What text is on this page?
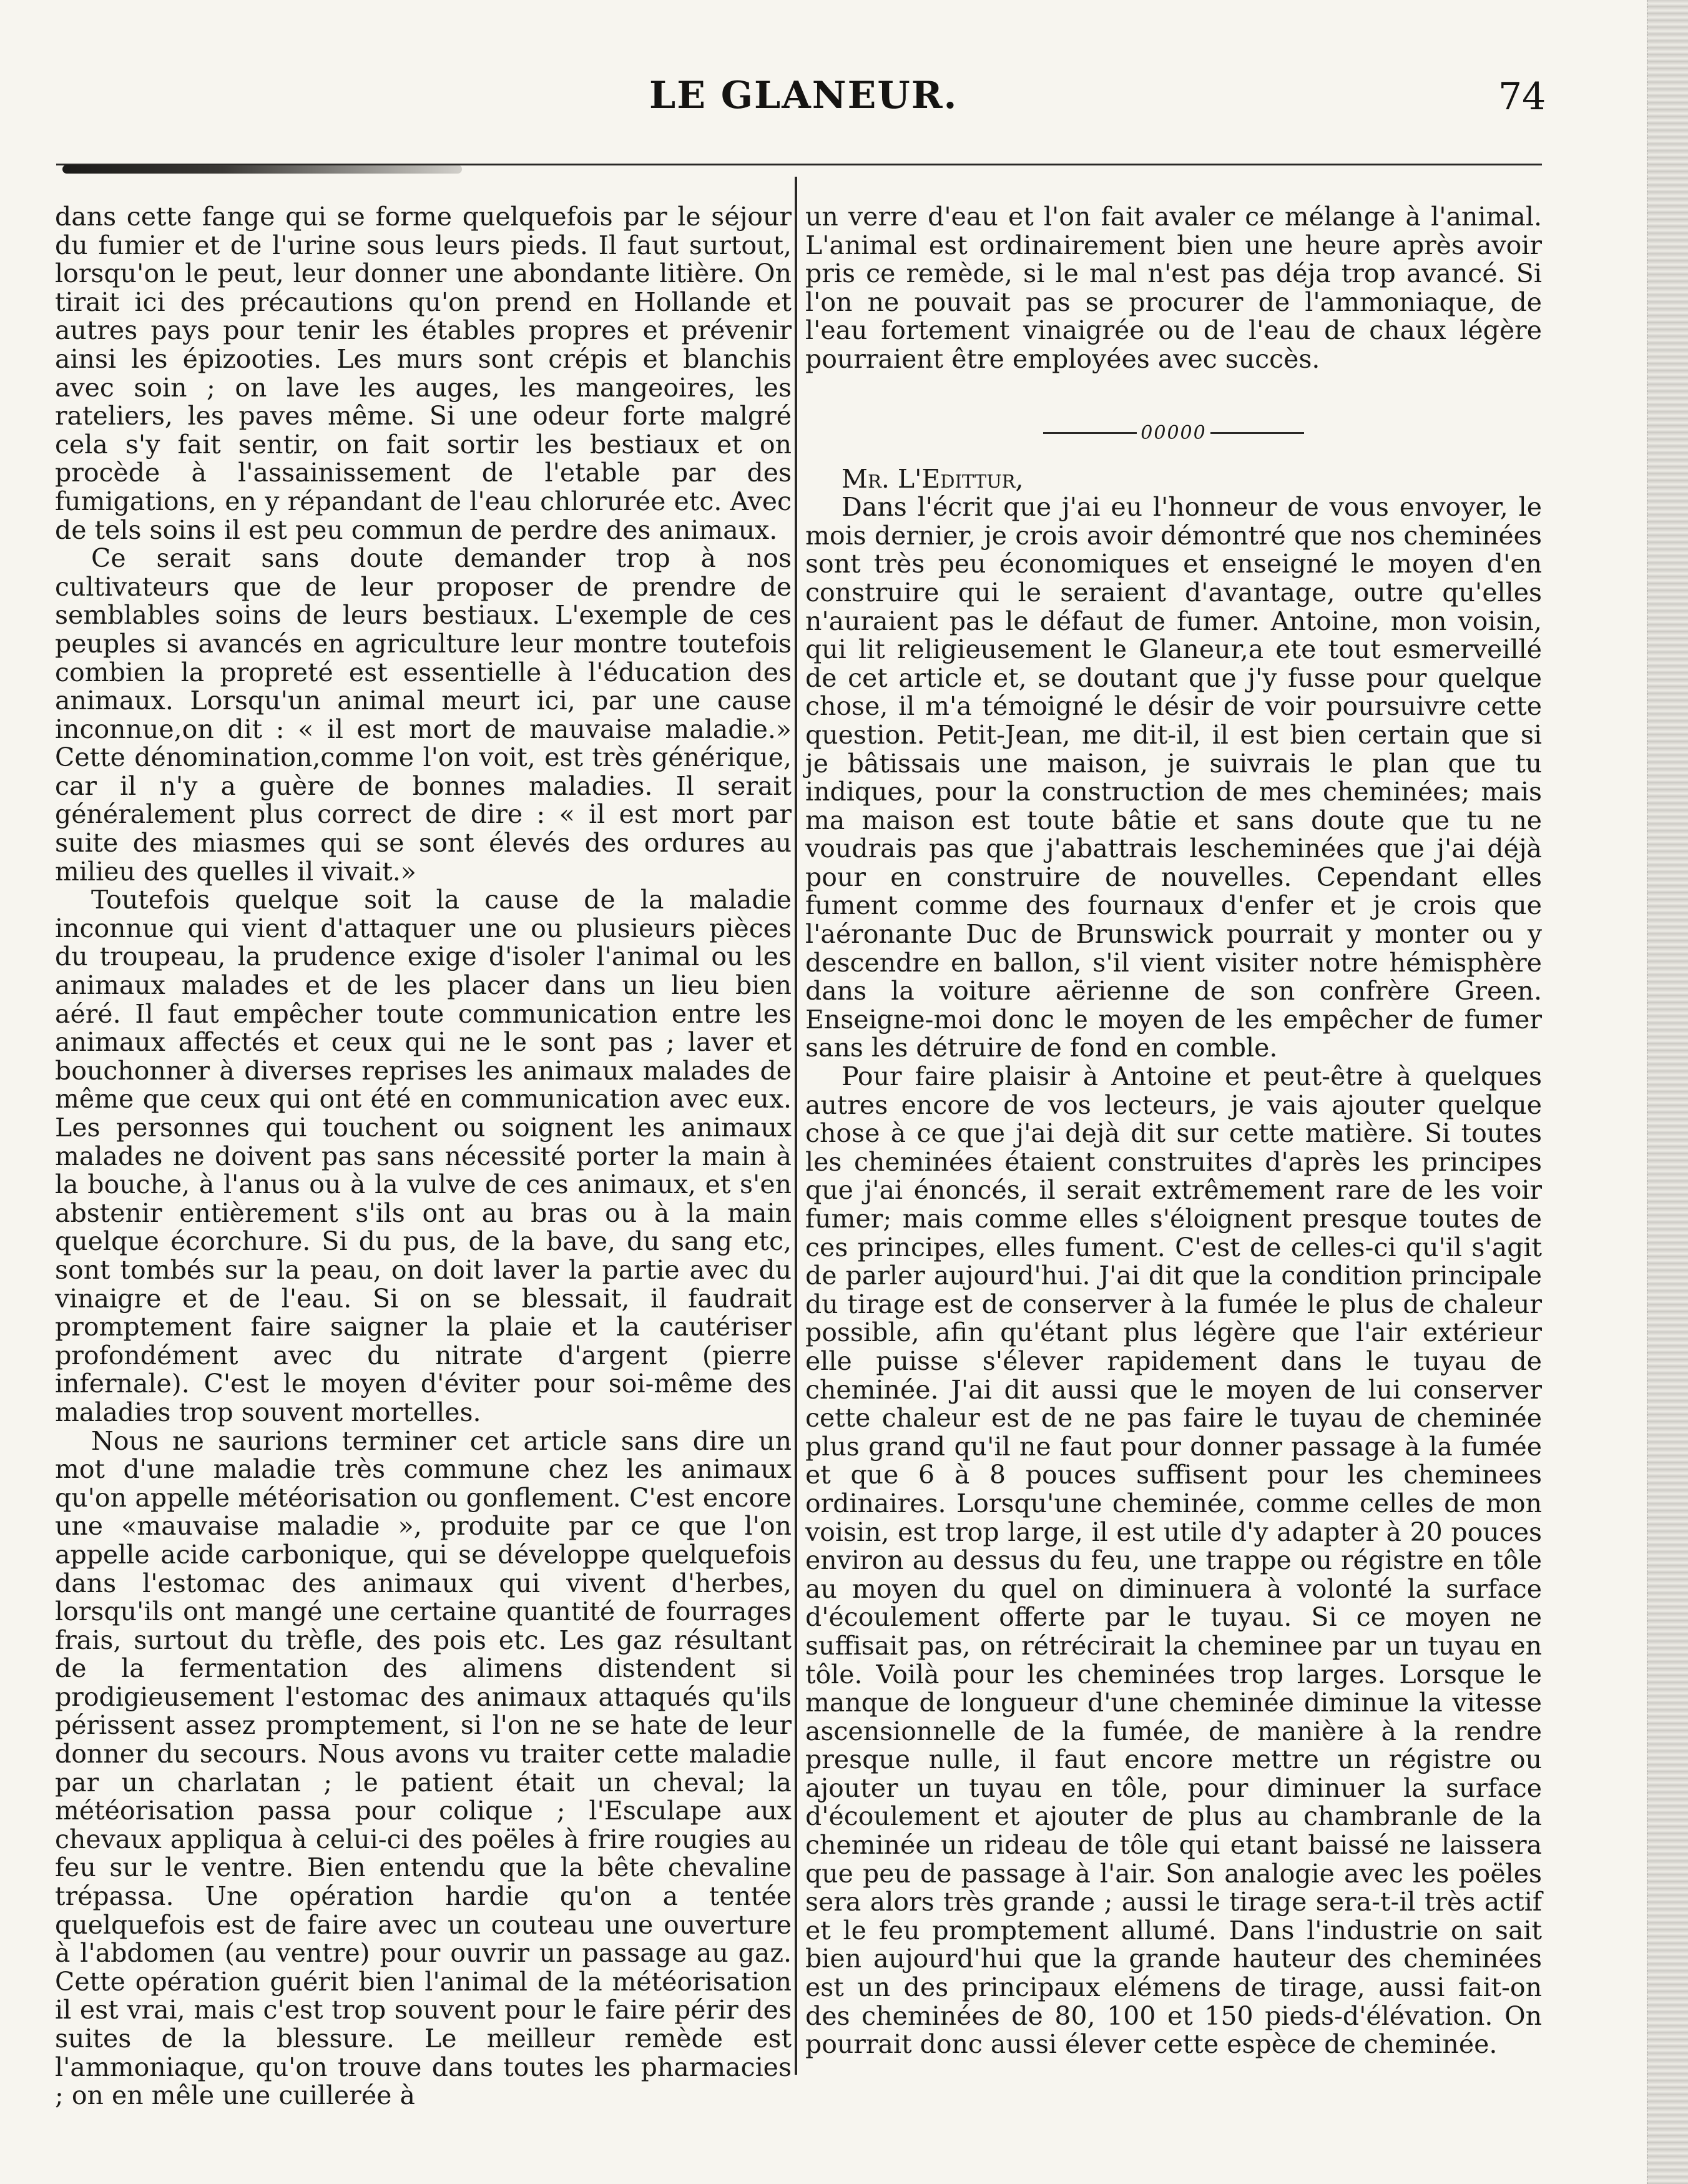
LE GLANEUR.	74

dans cette fange qui se forme quelquefois par le séjour du fumier et de l'urine sous leurs pieds. Il faut surtout, lorsqu'on le peut, leur donner une abondante litière. On tirait ici des précautions qu'on prend en Hollande et autres pays pour tenir les étables propres et prévenir ainsi les épizooties. Les murs sont crépis et blanchis avec soin ; on lave les auges, les mangeoires, les rateliers, les paves même. Si une odeur forte malgré cela s'y fait sentir, on fait sortir les bestiaux et on procède à l'assainissement de l'etable par des fumigations, en y répandant de l'eau chlorurée etc. Avec de tels soins il est peu commun de perdre des animaux.

Ce serait sans doute demander trop à nos cultivateurs que de leur proposer de prendre de semblables soins de leurs bestiaux. L'exemple de ces peuples si avancés en agriculture leur montre toutefois combien la propreté est essentielle à l'éducation des animaux. Lorsqu'un animal meurt ici, par une cause inconnue,on dit : « il est mort de mauvaise maladie.» Cette dénomination,comme l'on voit, est très générique, car il n'y a guère de bonnes maladies. Il serait généralement plus correct de dire : « il est mort par suite des miasmes qui se sont élevés des ordures au milieu des quelles il vivait.»

Toutefois quelque soit la cause de la maladie inconnue qui vient d'attaquer une ou plusieurs pièces du troupeau, la prudence exige d'isoler l'animal ou les animaux malades et de les placer dans un lieu bien aéré. Il faut empêcher toute communication entre les animaux affectés et ceux qui ne le sont pas ; laver et bouchonner à diverses reprises les animaux malades de même que ceux qui ont été en communication avec eux. Les personnes qui touchent ou soignent les animaux malades ne doivent pas sans nécessité porter la main à la bouche, à l'anus ou à la vulve de ces animaux, et s'en abstenir entièrement s'ils ont au bras ou à la main quelque écorchure. Si du pus, de la bave, du sang etc, sont tombés sur la peau, on doit laver la partie avec du vinaigre et de l'eau. Si on se blessait, il faudrait promptement faire saigner la plaie et la cautériser profondément avec du nitrate d'argent (pierre infernale). C'est le moyen d'éviter pour soi-même des maladies trop souvent mortelles.

Nous ne saurions terminer cet article sans dire un mot d'une maladie très commune chez les animaux qu'on appelle météorisation ou gonflement. C'est encore une «mauvaise maladie », produite par ce que l'on appelle acide carbonique, qui se développe quelquefois dans l'estomac des animaux qui vivent d'herbes, lorsqu'ils ont mangé une certaine quantité de fourrages frais, surtout du trèfle, des pois etc. Les gaz résultant de la fermentation des alimens distendent si prodigieusement l'estomac des animaux attaqués qu'ils périssent assez promptement, si l'on ne se hate de leur donner du secours. Nous avons vu traiter cette maladie par un charlatan ; le patient était un cheval; la météorisation passa pour colique ; l'Esculape aux chevaux appliqua à celui-ci des poëles à frire rougies au feu sur le ventre. Bien entendu que la bête chevaline trépassa. Une opération hardie qu'on a tentée quelquefois est de faire avec un couteau une ouverture à l'abdomen (au ventre) pour ouvrir un passage au gaz. Cette opération guérit bien l'animal de la météorisation il est vrai, mais c'est trop souvent pour le faire périr des suites de la blessure. Le meilleur remède est l'ammoniaque, qu'on trouve dans toutes les pharmacies ; on en mêle une cuillerée à

un verre d'eau et l'on fait avaler ce mélange à l'animal. L'animal est ordinairement bien une heure après avoir pris ce remède, si le mal n'est pas déja trop avancé. Si l'on ne pouvait pas se procurer de l'ammoniaque, de l'eau fortement vinaigrée ou de l'eau de chaux légère pourraient être employées avec succès.

00000
Mr. L'Edittur,

Dans l'écrit que j'ai eu l'honneur de vous envoyer, le mois dernier, je crois avoir démontré que nos cheminées sont très peu économiques et enseigné le moyen d'en construire qui le seraient d'avantage, outre qu'elles n'auraient pas le défaut de fumer. Antoine, mon voisin, qui lit religieusement le Glaneur,a ete tout esmerveillé de cet article et, se doutant que j'y fusse pour quelque chose, il m'a témoigné le désir de voir poursuivre cette question. Petit-Jean, me dit-il, il est bien certain que si je bâtissais une maison, je suivrais le plan que tu indiques, pour la construction de mes cheminées; mais ma maison est toute bâtie et sans doute que tu ne voudrais pas que j'abattrais lescheminées que j'ai déjà pour en construire de nouvelles. Cependant elles fument comme des fournaux d'enfer et je crois que l'aéronante Duc de Brunswick pourrait y monter ou y descendre en ballon, s'il vient visiter notre hémisphère dans la voiture aërienne de son confrère Green. Enseigne-moi donc le moyen de les empêcher de fumer sans les détruire de fond en comble.

Pour faire plaisir à Antoine et peut-être à quelques autres encore de vos lecteurs, je vais ajouter quelque chose à ce que j'ai dejà dit sur cette matière. Si toutes les cheminées étaient construites d'après les principes que j'ai énoncés, il serait extrêmement rare de les voir fumer; mais comme elles s'éloignent presque toutes de ces principes, elles fument. C'est de celles-ci qu'il s'agit de parler aujourd'hui. J'ai dit que la condition principale du tirage est de conserver à la fumée le plus de chaleur possible, afin qu'étant plus légère que l'air extérieur elle puisse s'élever rapidement dans le tuyau de cheminée. J'ai dit aussi que le moyen de lui conserver cette chaleur est de ne pas faire le tuyau de cheminée plus grand qu'il ne faut pour donner passage à la fumée et que 6 à 8 pouces suffisent pour les cheminees ordinaires. Lorsqu'une cheminée, comme celles de mon voisin, est trop large, il est utile d'y adapter à 20 pouces environ au dessus du feu, une trappe ou régistre en tôle au moyen du quel on diminuera à volonté la surface d'écoulement offerte par le tuyau. Si ce moyen ne suffisait pas, on rétrécirait la cheminee par un tuyau en tôle. Voilà pour les cheminées trop larges. Lorsque le manque de longueur d'une cheminée diminue la vitesse ascensionnelle de la fumée, de manière à la rendre presque nulle, il faut encore mettre un régistre ou ajouter un tuyau en tôle, pour diminuer la surface d'écoulement et ajouter de plus au chambranle de la cheminée un rideau de tôle qui etant baissé ne laissera que peu de passage à l'air. Son analogie avec les poëles sera alors très grande ; aussi le tirage sera-t-il très actif et le feu promptement allumé. Dans l'industrie on sait bien aujourd'hui que la grande hauteur des cheminées est un des principaux elémens de tirage, aussi fait-on des cheminées de 80, 100 et 150 pieds-d'élévation. On pourrait donc aussi élever cette espèce de cheminée.
